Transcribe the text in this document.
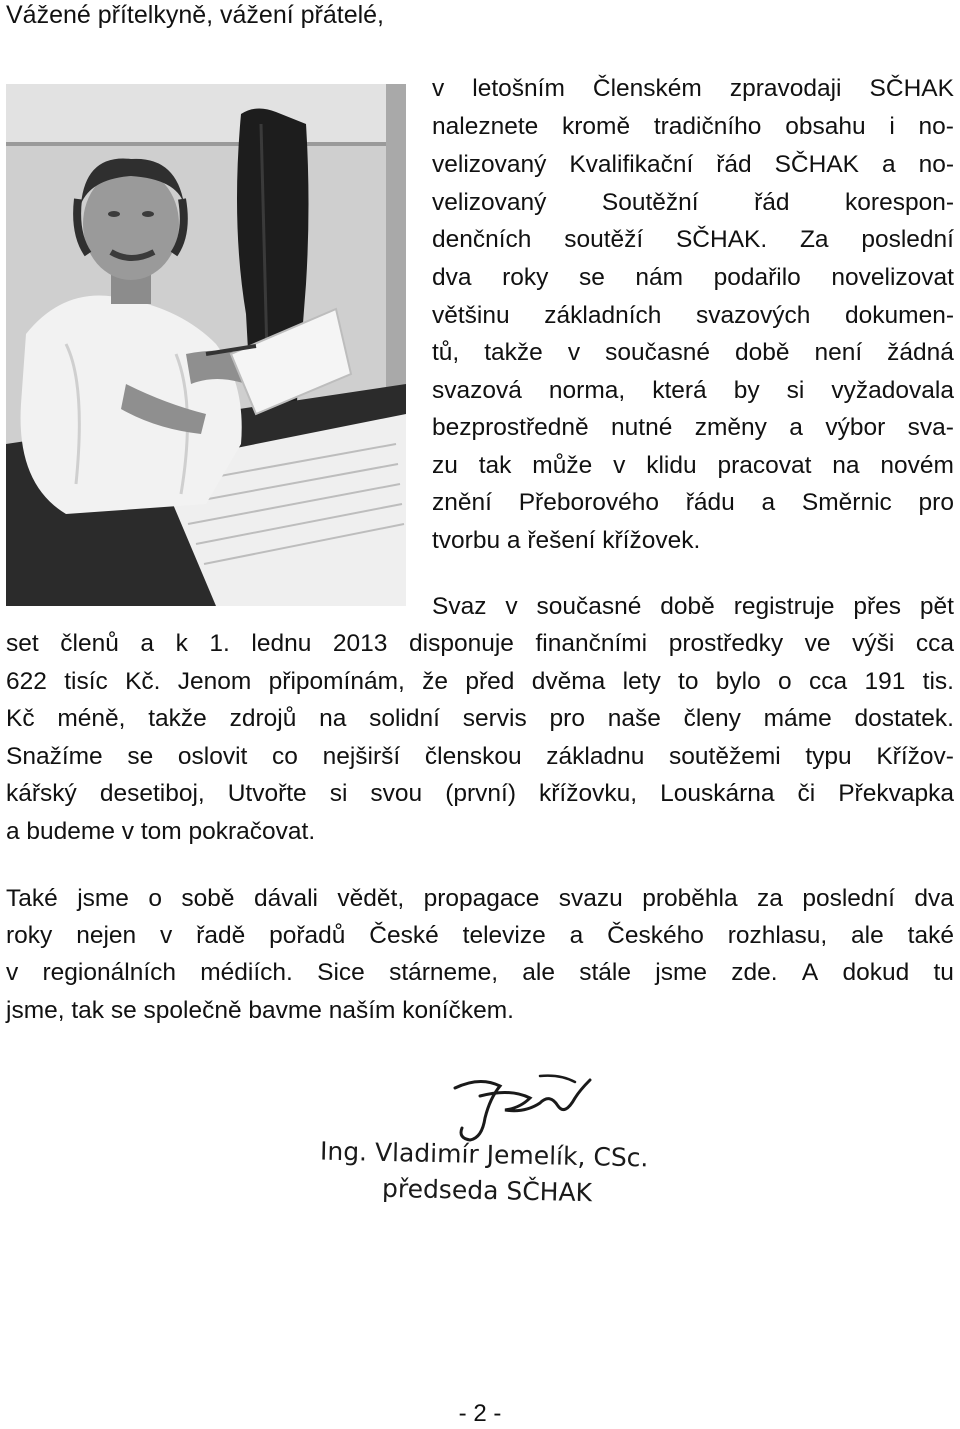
Vážené přítelkyně, vážení přátelé,

v letošním Členském zpravodaji SČHAK

naleznete kromě tradičního obsahu i no-

velizovaný Kvalifikační řád SČHAK a no-

velizovaný Soutěžní řád korespon-

denčních soutěží SČHAK. Za poslední

dva roky se nám podařilo novelizovat

většinu základních svazových dokumen-

tů, takže v současné době není žádná

svazová norma, která by si vyžadovala

bezprostředně nutné změny a výbor sva-

zu tak může v klidu pracovat na novém

znění Přeborového řádu a Směrnic pro

tvorbu a řešení křížovek.

Svaz v současné době registruje přes pět

set členů a k 1. lednu 2013 disponuje finančními prostředky ve výši cca

622 tisíc Kč. Jenom připomínám, že před dvěma lety to bylo o cca 191 tis.

Kč méně, takže zdrojů na solidní servis pro naše členy máme dostatek.

Snažíme se oslovit co nejširší členskou základnu soutěžemi typu Křížov-

kářský desetiboj, Utvořte si svou (první) křížovku, Louskárna či Překvapka

a budeme v tom pokračovat.

Také jsme o sobě dávali vědět, propagace svazu proběhla za poslední dva

roky nejen v řadě pořadů České televize a Českého rozhlasu, ale také

v regionálních médiích. Sice stárneme, ale stále jsme zde. A dokud tu

jsme, tak se společně bavme naším koníčkem.

Ing. Vladimír Jemelík, CSc.

předseda SČHAK

- 2 -
